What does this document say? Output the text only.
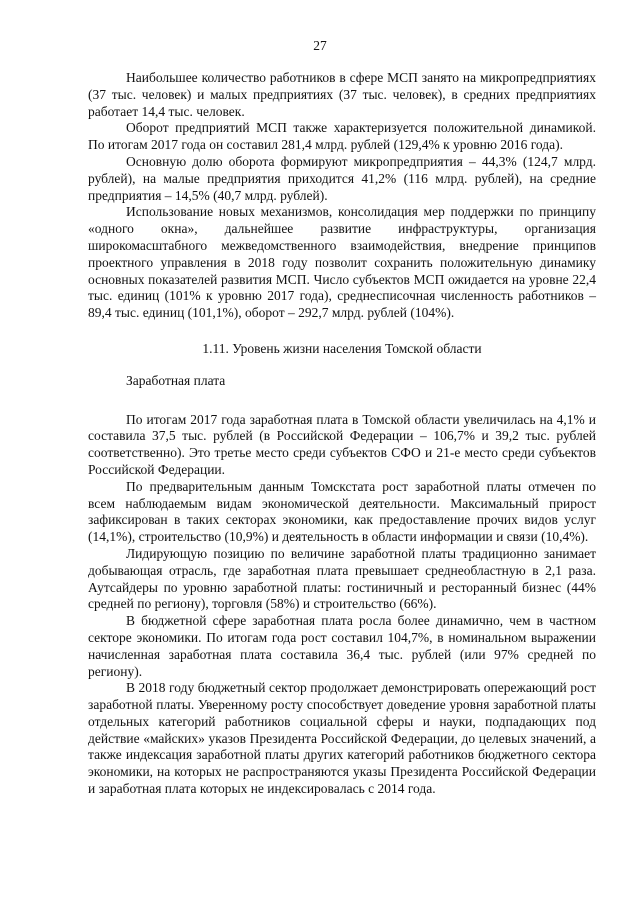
27

Наибольшее количество работников в сфере МСП занято на микропредприятиях (37 тыс. человек) и малых предприятиях (37 тыс. человек), в средних предприятиях работает 14,4 тыс. человек.

Оборот предприятий МСП также характеризуется положительной динамикой. По итогам 2017 года он составил 281,4 млрд. рублей (129,4% к уровню 2016 года).

Основную долю оборота формируют микропредприятия – 44,3% (124,7 млрд. рублей), на малые предприятия приходится 41,2% (116 млрд. рублей), на средние предприятия – 14,5% (40,7 млрд. рублей).

Использование новых механизмов, консолидация мер поддержки по принципу «одного окна», дальнейшее развитие инфраструктуры, организация широкомасштабного межведомственного взаимодействия, внедрение принципов проектного управления в 2018 году позволит сохранить положительную динамику основных показателей развития МСП. Число субъектов МСП ожидается на уровне 22,4 тыс. единиц (101% к уровню 2017 года), среднесписочная численность работников – 89,4 тыс. единиц (101,1%), оборот – 292,7 млрд. рублей (104%).

1.11. Уровень жизни населения Томской области
Заработная плата

По итогам 2017 года заработная плата в Томской области увеличилась на 4,1% и составила 37,5 тыс. рублей (в Российской Федерации – 106,7% и 39,2 тыс. рублей соответственно). Это третье место среди субъектов СФО и 21-е место среди субъектов Российской Федерации.

По предварительным данным Томскстата рост заработной платы отмечен по всем наблюдаемым видам экономической деятельности. Максимальный прирост зафиксирован в таких секторах экономики, как предоставление прочих видов услуг (14,1%), строительство (10,9%) и деятельность в области информации и связи (10,4%).

Лидирующую позицию по величине заработной платы традиционно занимает добывающая отрасль, где заработная плата превышает среднеобластную в 2,1 раза. Аутсайдеры по уровню заработной платы: гостиничный и ресторанный бизнес (44% средней по региону), торговля (58%) и строительство (66%).

В бюджетной сфере заработная плата росла более динамично, чем в частном секторе экономики. По итогам года рост составил 104,7%, в номинальном выражении начисленная заработная плата составила 36,4 тыс. рублей (или 97% средней по региону).

В 2018 году бюджетный сектор продолжает демонстрировать опережающий рост заработной платы. Уверенному росту способствует доведение уровня заработной платы отдельных категорий работников социальной сферы и науки, подпадающих под действие «майских» указов Президента Российской Федерации, до целевых значений, а также индексация заработной платы других категорий работников бюджетного сектора экономики, на которых не распространяются указы Президента Российской Федерации и заработная плата которых не индексировалась с 2014 года.
